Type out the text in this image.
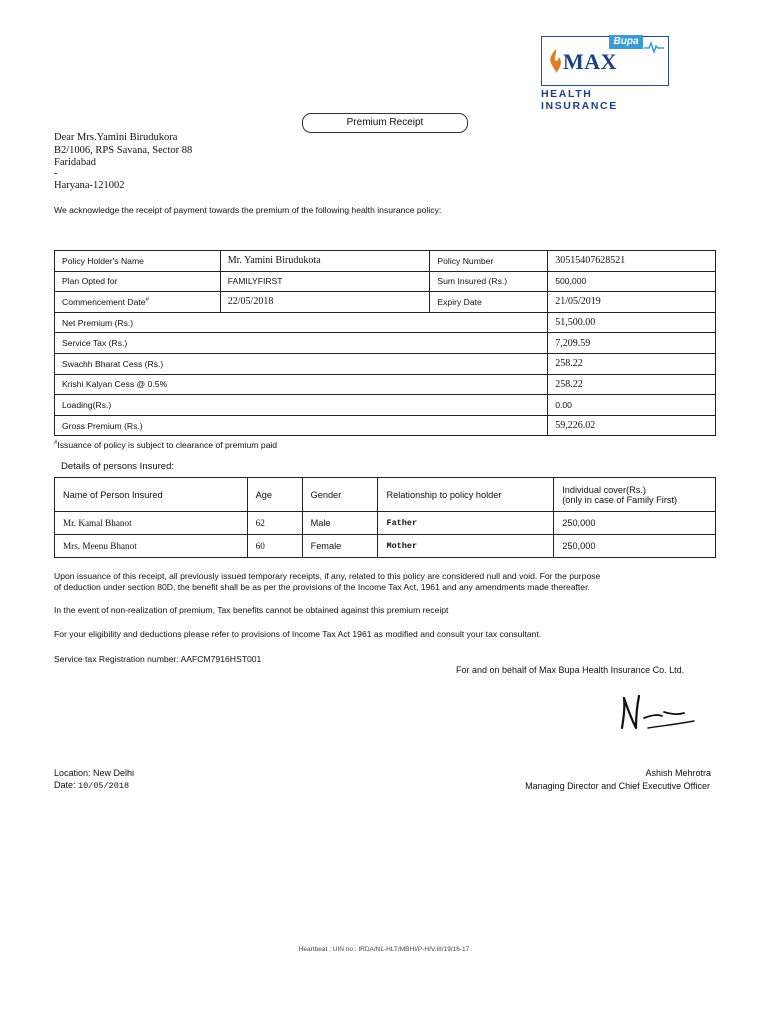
MAX
Bupa
HEALTH INSURANCE
Premium Receipt
Dear Mrs.Yamini Birudukora
B2/1006, RPS Savana, Sector 88
Faridabad
-
Haryana-121002
We acknowledge the receipt of payment towards the premium of the following health insurance policy:
Policy Holder's Name	Mr. Yamini Birudukota	Policy Number	30515407628521
Plan Opted for	FAMILYFIRST	Sum Insured (Rs.)	500,000
Commencement Date#	22/05/2018	Expiry Date	21/05/2019
Net Premium (Rs.)			51,500.00
Service Tax (Rs.)			7,209.59
Swachh Bharat Cess (Rs.)			258.22
Krishi Kalyan Cess @ 0.5%			258.22
Loading(Rs.)			0.00
Gross Premium (Rs.)			59,226.02
#Issuance of policy is subject to clearance of premium paid
Details of persons Insured:
Name of Person Insured	Age	Gender	Relationship to policy holder	Individual cover(Rs.)
(only in case of Family First)

Mr. Kamal Bhanot	62	Male	Father	250,000
Mrs. Meenu Bhanot	60	Female	Mother	250,000
Upon issuance of this receipt, all previously issued temporary receipts, if any, related to this policy are considered null and void. For the purpose
of deduction under section 80D, the benefit shall be as per the provisions of the Income Tax Act, 1961 and any amendments made thereafter.
In the event of non-realization of premium, Tax benefits cannot be obtained against this premium receipt
For your eligibility and deductions please refer to provisions of Income Tax Act 1961 as modified and consult your tax consultant.
Service tax Registration number: AAFCM7916HST001
For and on behalf of Max Bupa Health Insurance Co. Ltd.
Location: New Delhi
Date: 10/05/2018
Ashish Mehrotra
Managing Director and Chief Executive Officer
Heartbeat ; UIN no : IRDA/NL-HLT/MBHI/P-H/V.III/19/16-17
